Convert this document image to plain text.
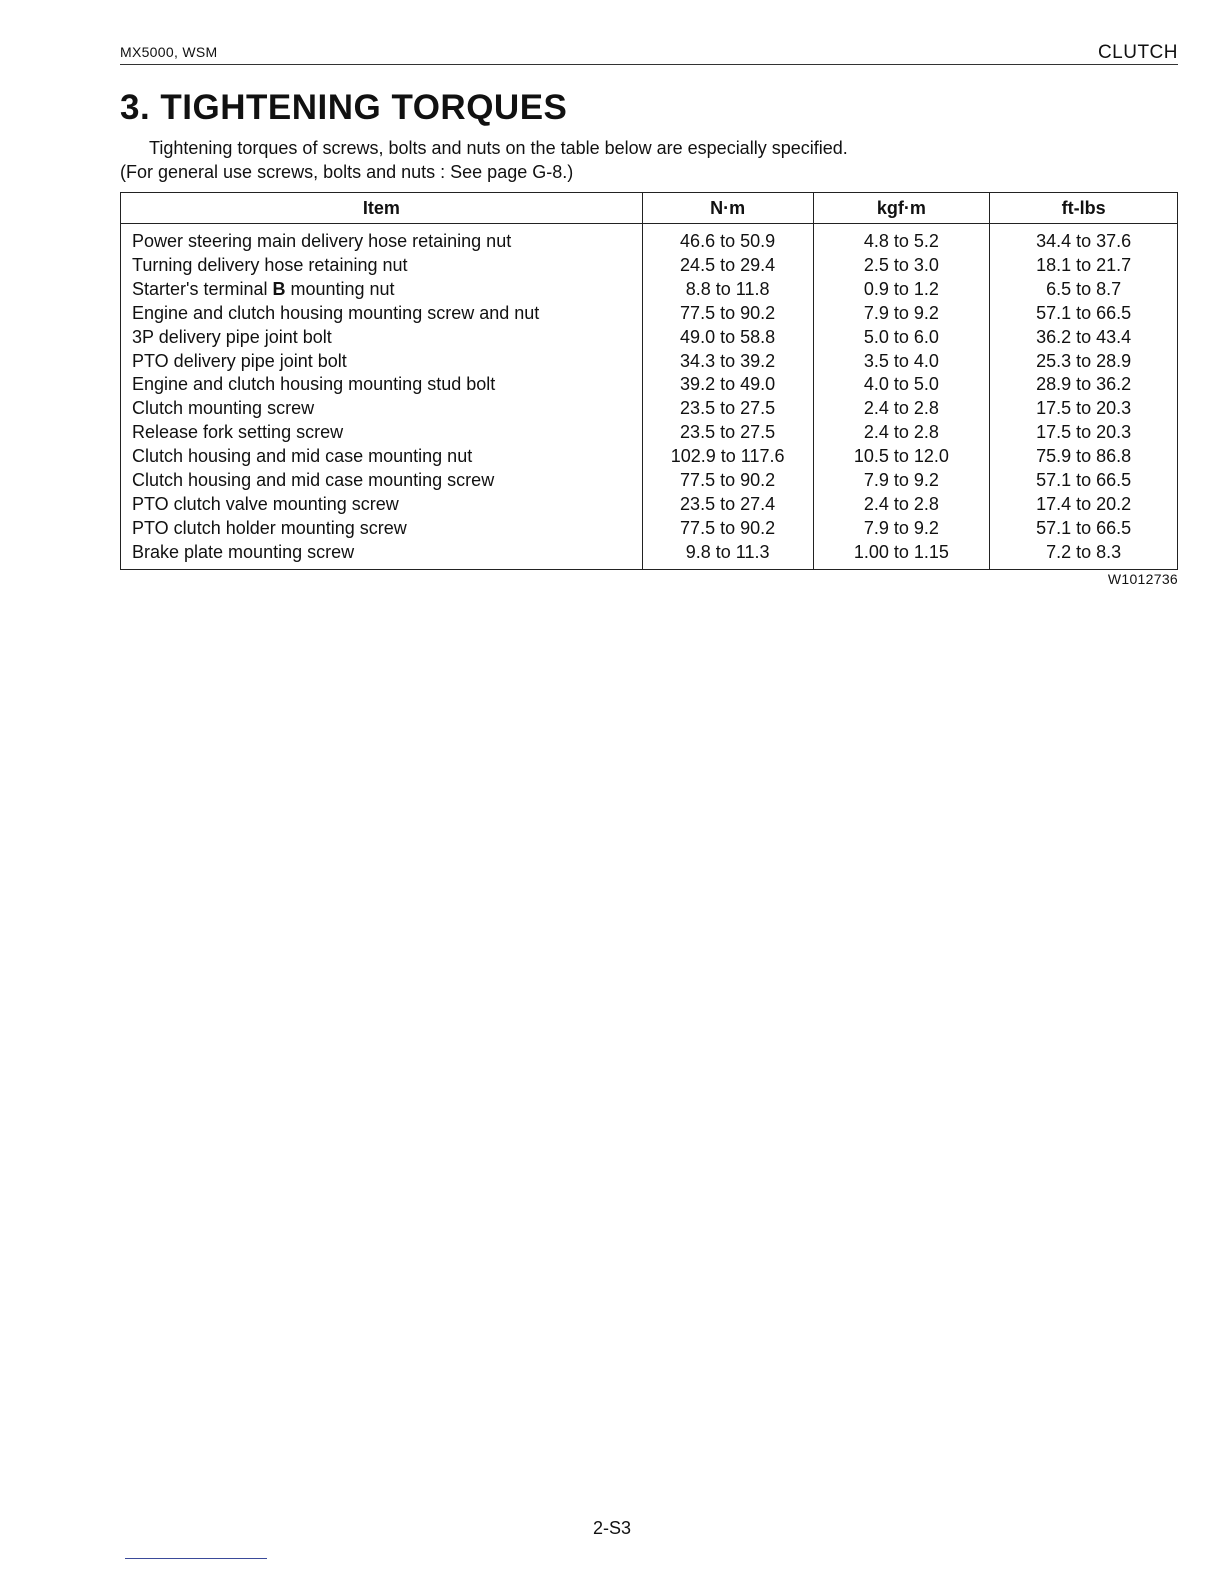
MX5000, WSM	CLUTCH
3. TIGHTENING TORQUES
Tightening torques of screws, bolts and nuts on the table below are especially specified.
(For general use screws, bolts and nuts : See page G-8.)
Item	N·m	kgf·m	ft-lbs
Power steering main delivery hose retaining nut	46.6 to 50.9	4.8 to 5.2	34.4 to 37.6
Turning delivery hose retaining nut	24.5 to 29.4	2.5 to 3.0	18.1 to 21.7
Starter's terminal B mounting nut	8.8 to 11.8	0.9 to 1.2	6.5 to 8.7
Engine and clutch housing mounting screw and nut	77.5 to 90.2	7.9 to 9.2	57.1 to 66.5
3P delivery pipe joint bolt	49.0 to 58.8	5.0 to 6.0	36.2 to 43.4
PTO delivery pipe joint bolt	34.3 to 39.2	3.5 to 4.0	25.3 to 28.9
Engine and clutch housing mounting stud bolt	39.2 to 49.0	4.0 to 5.0	28.9 to 36.2
Clutch mounting screw	23.5 to 27.5	2.4 to 2.8	17.5 to 20.3
Release fork setting screw	23.5 to 27.5	2.4 to 2.8	17.5 to 20.3
Clutch housing and mid case mounting nut	102.9 to 117.6	10.5 to 12.0	75.9 to 86.8
Clutch housing and mid case mounting screw	77.5 to 90.2	7.9 to 9.2	57.1 to 66.5
PTO clutch valve mounting screw	23.5 to 27.4	2.4 to 2.8	17.4 to 20.2
PTO clutch holder mounting screw	77.5 to 90.2	7.9 to 9.2	57.1 to 66.5
Brake plate mounting screw	9.8 to 11.3	1.00 to 1.15	7.2 to 8.3
W1012736
2-S3
